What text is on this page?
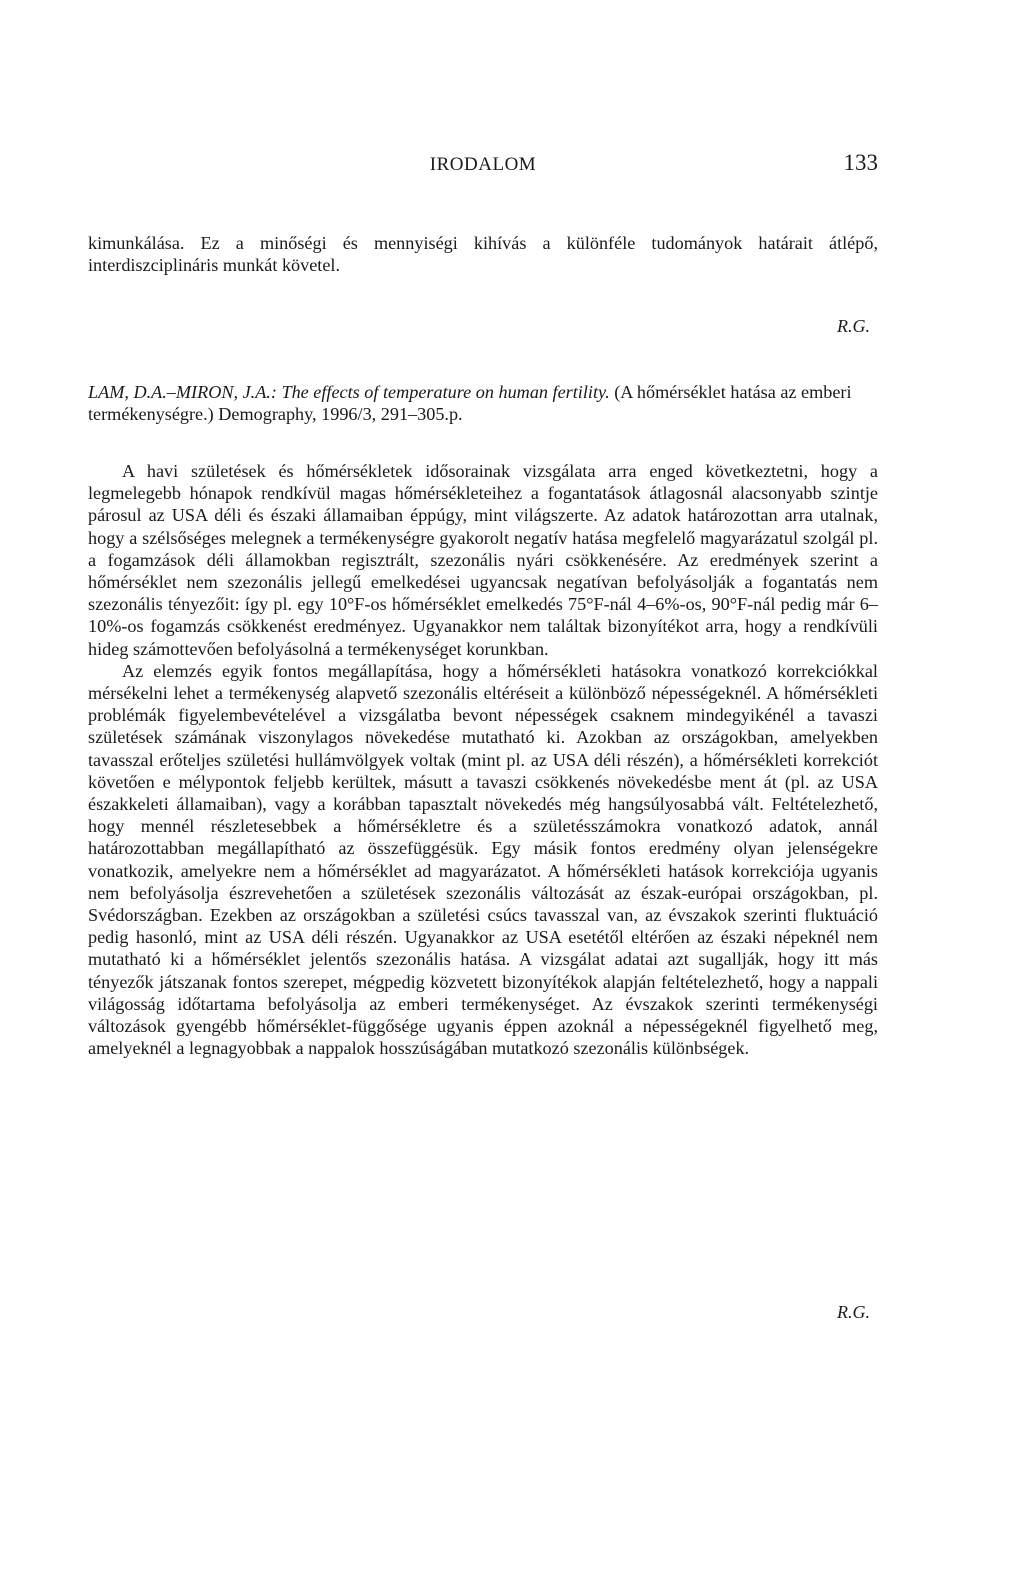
IRODALOM	133

kimunkálása. Ez a minőségi és mennyiségi kihívás a különféle tudományok határait átlépő, interdiszciplináris munkát követel.

R.G.

LAM, D.A.–MIRON, J.A.: The effects of temperature on human fertility. (A hőmérséklet hatása az emberi termékenységre.) Demography, 1996/3, 291–305.p.

A havi születések és hőmérsékletek idősorainak vizsgálata arra enged következtetni, hogy a legmelegebb hónapok rendkívül magas hőmérsékleteihez a fogantatások átlagosnál alacsonyabb szintje párosul az USA déli és északi államaiban éppúgy, mint világszerte. Az adatok határozottan arra utalnak, hogy a szélsőséges melegnek a termékenységre gyakorolt negatív hatása megfelelő magyarázatul szolgál pl. a fogamzások déli államokban regisztrált, szezonális nyári csökkenésére. Az eredmények szerint a hőmérséklet nem szezonális jellegű emelkedései ugyancsak negatívan befolyásolják a fogantatás nem szezonális tényezőit: így pl. egy 10°F-os hőmérséklet emelkedés 75°F-nál 4–6%-os, 90°F-nál pedig már 6–10%-os fogamzás csökkenést eredményez. Ugyanakkor nem találtak bizonyítékot arra, hogy a rendkívüli hideg számottevően befolyásolná a termékenységet korunkban.

Az elemzés egyik fontos megállapítása, hogy a hőmérsékleti hatásokra vonatkozó korrekciókkal mérsékelni lehet a termékenység alapvető szezonális eltéréseit a különböző népességeknél. A hőmérsékleti problémák figyelembevételével a vizsgálatba bevont népességek csaknem mindegyikénél a tavaszi születések számának viszonylagos növekedése mutatható ki. Azokban az országokban, amelyekben tavasszal erőteljes születési hullámvölgyek voltak (mint pl. az USA déli részén), a hőmérsékleti korrekciót követően e mélypontok feljebb kerültek, másutt a tavaszi csökkenés növekedésbe ment át (pl. az USA északkeleti államaiban), vagy a korábban tapasztalt növekedés még hangsúlyosabbá vált. Feltételezhető, hogy mennél részletesebbek a hőmérsékletre és a születésszámokra vonatkozó adatok, annál határozottabban megállapítható az összefüggésük. Egy másik fontos eredmény olyan jelenségekre vonatkozik, amelyekre nem a hőmérséklet ad magyarázatot. A hőmérsékleti hatások korrekciója ugyanis nem befolyásolja észrevehetően a születések szezonális változását az észak-európai országokban, pl. Svédországban. Ezekben az országokban a születési csúcs tavasszal van, az évszakok szerinti fluktuáció pedig hasonló, mint az USA déli részén. Ugyanakkor az USA esetétől eltérően az északi népeknél nem mutatható ki a hőmérséklet jelentős szezonális hatása. A vizsgálat adatai azt sugallják, hogy itt más tényezők játszanak fontos szerepet, mégpedig közvetett bizonyítékok alapján feltételezhető, hogy a nappali világosság időtartama befolyásolja az emberi termékenységet. Az évszakok szerinti termékenységi változások gyengébb hőmérséklet-függősége ugyanis éppen azoknál a népességeknél figyelhető meg, amelyeknél a legnagyobbak a nappalok hosszúságában mutatkozó szezonális különbségek.

R.G.
